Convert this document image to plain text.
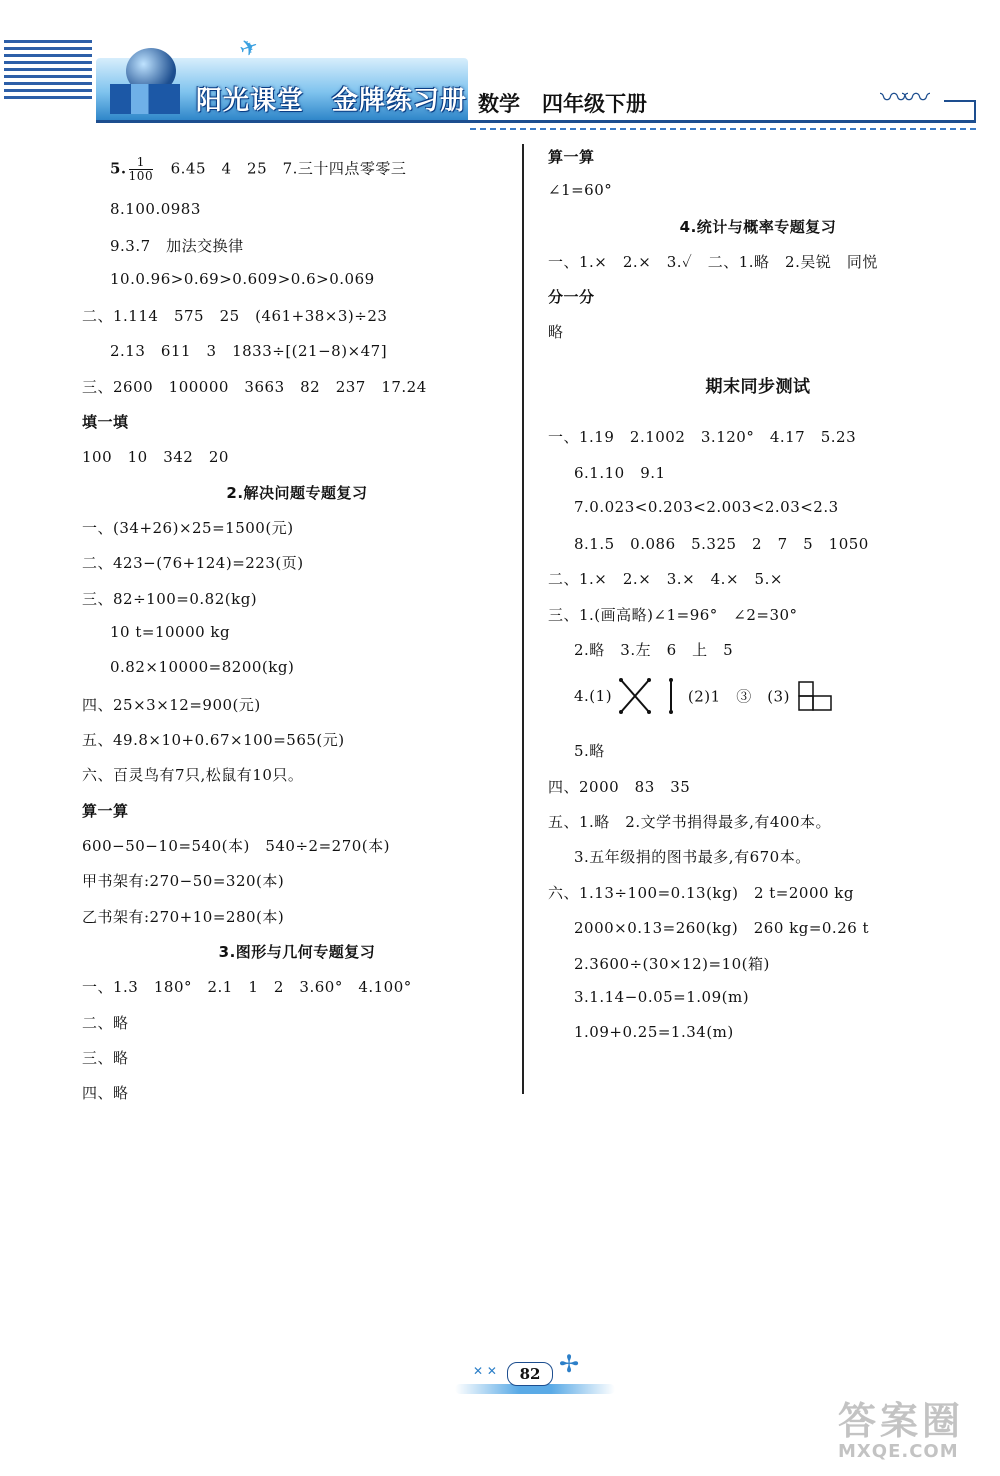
✈
阳光课堂 金牌练习册 数学 四年级下册	〰〰
5. $\frac{1}{100}$
　 6.45　4　25　7.三十四点零零三
8.100.0983
9.3.7　加法交换律
10.0.96>0.69>0.609>0.6>0.069
二、1.114　575　25　(461+38×3)÷23
2.13　611　3　1833÷[(21−8)×47]
三、2600　100000　3663　82　237　17.24
填一填
100　10　342　20
2.解决问题专题复习
一、(34+26)×25=1500(元)
二、423−(76+124)=223(页)
三、82÷100=0.82(kg)
10 t=10000 kg
0.82×10000=8200(kg)
四、25×3×12=900(元)
五、49.8×10+0.67×100=565(元)
六、百灵鸟有7只,松鼠有10只。
算一算
600−50−10=540(本)　540÷2=270(本)
甲书架有:270−50=320(本)
乙书架有:270+10=280(本)
3.图形与几何专题复习
一、1.3　180°　2.1　1　2　3.60°　4.100°
二、略
三、略
四、略
算一算
∠1=60°
4.统计与概率专题复习
一、1.×　2.×　3.✓　二、1.略　2.吴锐　同悦
分一分
略
期末同步测试
一、1.19　2.1002　3.120°　4.17　5.23
6.1.10　9.1
7.0.023<0.203<2.003<2.03<2.3
8.1.5　0.086　5.325　2　7　5　1050
二、1.×　2.×　3.×　4.×　5.×
三、1.(画高略)∠1=96°　∠2=30°
2.略　3.左　6　上　5
4.(1)	(2)1　③　(3)
5.略
四、2000　83　35
五、1.略　2.文学书捐得最多,有400本。
3.五年级捐的图书最多,有670本。
六、1.13÷100=0.13(kg)　2 t=2000 kg
2000×0.13=260(kg)　260 kg=0.26 t
2.3600÷(30×12)=10(箱)
3.1.14−0.05=1.09(m)
1.09+0.25=1.34(m)
✕ ✕	82 ✢
答案圈
MXQE.COM
